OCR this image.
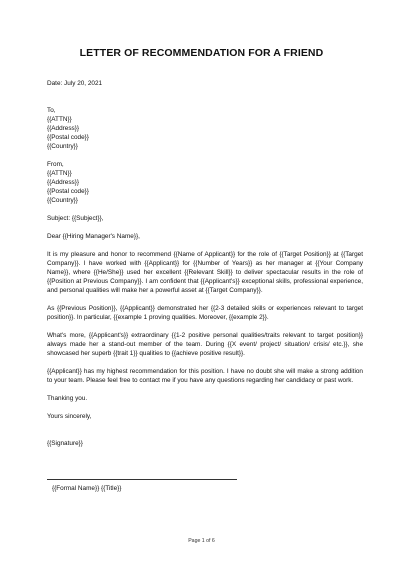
LETTER OF RECOMMENDATION FOR A FRIEND
Date: July 20, 2021
To,
{{ATTN}}
{{Address}}
{{Postal code}}
{{Country}}
From,
{{ATTN}}
{{Address}}
{{Postal code}}
{{Country}}
Subject: {{Subject}},
Dear {{Hiring Manager's Name}},
It is my pleasure and honor to recommend {{Name of Applicant}} for the role of {{Target Position}} at {{Target Company}}. I have worked with {{Applicant}} for {{Number of Years}} as her manager at {{Your Company Name}}, where {{He/She}} used her excellent {{Relevant Skill}} to deliver spectacular results in the role of {{Position at Previous Company}}. I am confident that {{Applicant's}} exceptional skills, professional experience, and personal qualities will make her a powerful asset at {{Target Company}}.
As {{Previous Position}}, {{Applicant}} demonstrated her {{2-3 detailed skills or experiences relevant to target position}}. In particular, {{example 1 proving qualities. Moreover, {{example 2}}.
What's more, {{Applicant's}} extraordinary {{1-2 positive personal qualities/traits relevant to target position}} always made her a stand-out member of the team. During {{X event/ project/ situation/ crisis/ etc.}}, she showcased her superb {{trait 1}} qualities to {{achieve positive result}}.
{{Applicant}} has my highest recommendation for this position. I have no doubt she will make a strong addition to your team. Please feel free to contact me if you have any questions regarding her candidacy or past work.
Thanking you.
Yours sincerely,
{{Signature}}
{{Formal Name}} {{Title}}
Page 1 of 6
